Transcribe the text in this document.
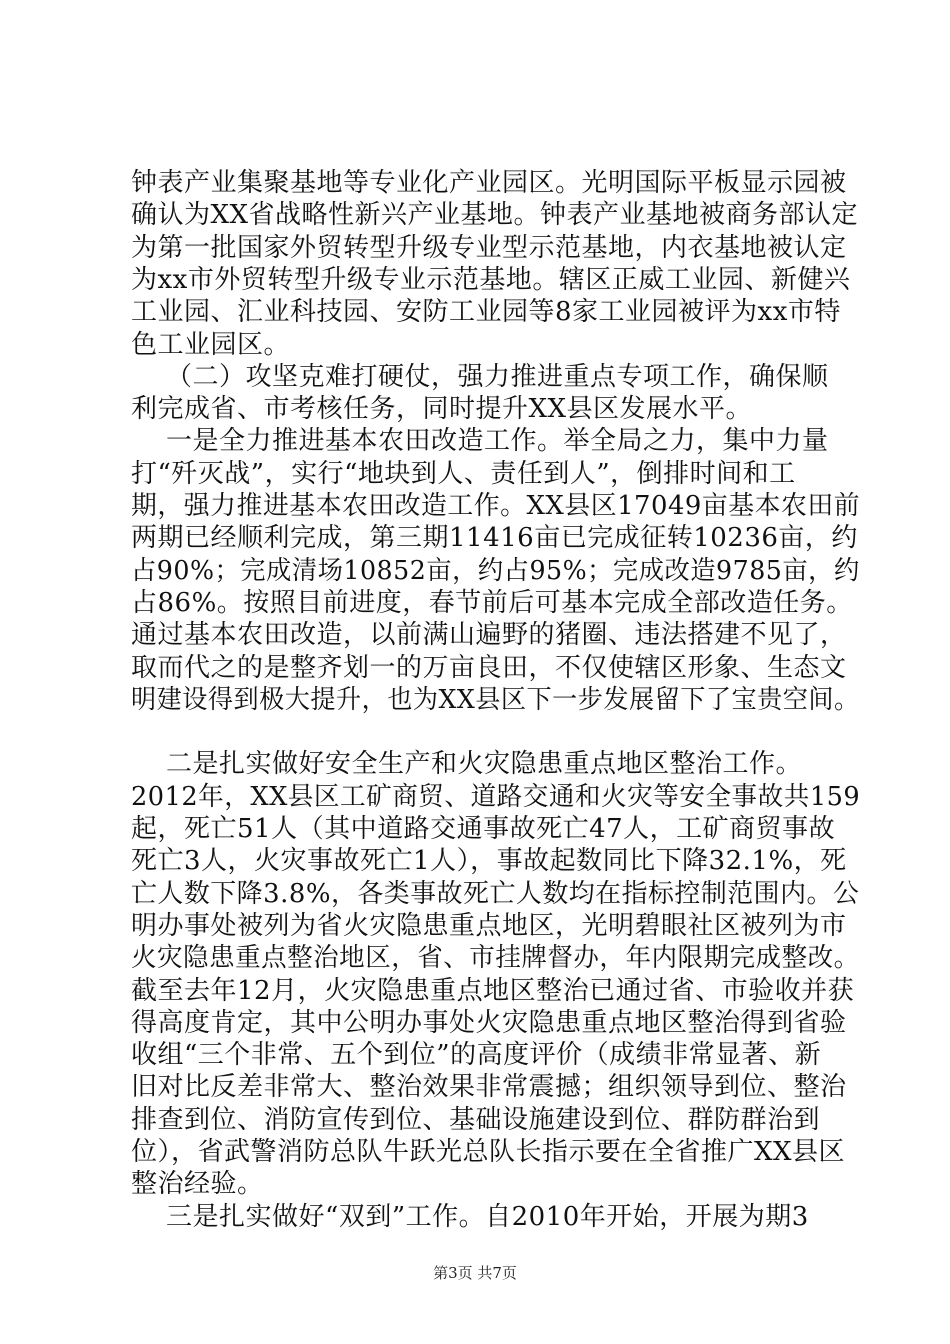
钟表产业集聚基地等专业化产业园区。光明国际平板显示园被
确认为XX省战略性新兴产业基地。钟表产业基地被商务部认定
为第一批国家外贸转型升级专业型示范基地，内衣基地被认定
为xx市外贸转型升级专业示范基地。辖区正威工业园、新健兴
工业园、汇业科技园、安防工业园等8家工业园被评为xx市特
色工业园区。
（二）攻坚克难打硬仗，强力推进重点专项工作，确保顺
利完成省、市考核任务，同时提升XX县区发展水平。
一是全力推进基本农田改造工作。举全局之力，集中力量
打“歼灭战”，实行“地块到人、责任到人”，倒排时间和工
期，强力推进基本农田改造工作。XX县区17049亩基本农田前
两期已经顺利完成，第三期11416亩已完成征转10236亩，约
占90%；完成清场10852亩，约占95%；完成改造9785亩，约
占86%。按照目前进度，春节前后可基本完成全部改造任务。
通过基本农田改造，以前满山遍野的猪圈、违法搭建不见了，
取而代之的是整齐划一的万亩良田，不仅使辖区形象、生态文
明建设得到极大提升，也为XX县区下一步发展留下了宝贵空间。
二是扎实做好安全生产和火灾隐患重点地区整治工作。
2012年，XX县区工矿商贸、道路交通和火灾等安全事故共159
起，死亡51人（其中道路交通事故死亡47人，工矿商贸事故
死亡3人，火灾事故死亡1人），事故起数同比下降32.1%，死
亡人数下降3.8%，各类事故死亡人数均在指标控制范围内。公
明办事处被列为省火灾隐患重点地区，光明碧眼社区被列为市
火灾隐患重点整治地区，省、市挂牌督办，年内限期完成整改。
截至去年12月，火灾隐患重点地区整治已通过省、市验收并获
得高度肯定，其中公明办事处火灾隐患重点地区整治得到省验
收组“三个非常、五个到位”的高度评价（成绩非常显著、新
旧对比反差非常大、整治效果非常震撼；组织领导到位、整治
排查到位、消防宣传到位、基础设施建设到位、群防群治到
位），省武警消防总队牛跃光总队长指示要在全省推广XX县区
整治经验。
三是扎实做好“双到”工作。自2010年开始，开展为期3
第3页 共7页
